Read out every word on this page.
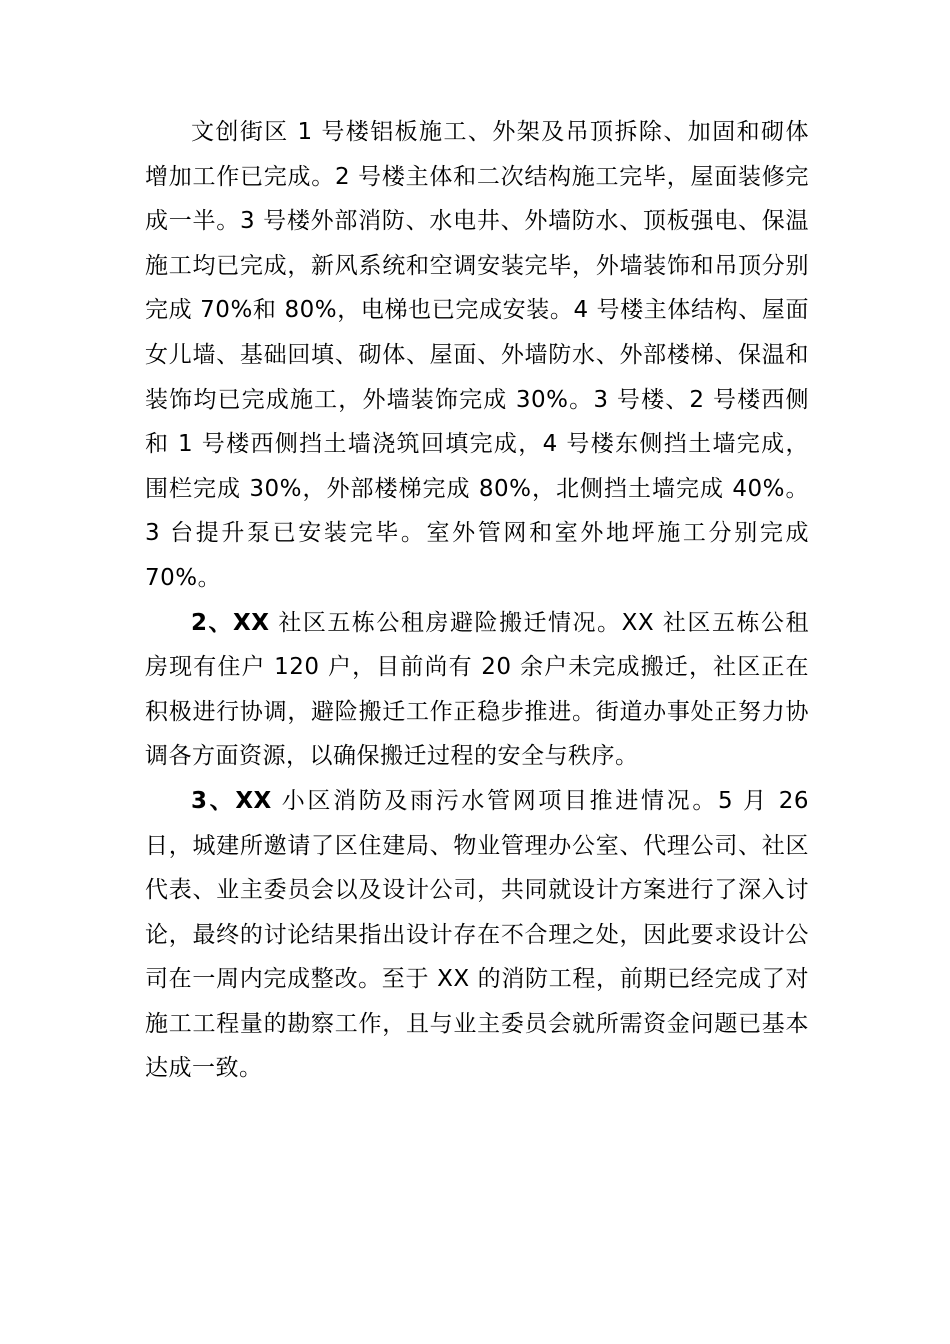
文创街区 1 号楼铝板施工、外架及吊顶拆除、加固和砌体增加工作已完成。2 号楼主体和二次结构施工完毕，屋面装修完成一半。3 号楼外部消防、水电井、外墙防水、顶板强电、保温施工均已完成，新风系统和空调安装完毕，外墙装饰和吊顶分别完成 70%和 80%，电梯也已完成安装。4 号楼主体结构、屋面女儿墙、基础回填、砌体、屋面、外墙防水、外部楼梯、保温和装饰均已完成施工，外墙装饰完成 30%。3 号楼、2 号楼西侧和 1 号楼西侧挡土墙浇筑回填完成，4 号楼东侧挡土墙完成，围栏完成 30%，外部楼梯完成 80%，北侧挡土墙完成 40%。3 台提升泵已安装完毕。室外管网和室外地坪施工分别完成 70%。

2、XX 社区五栋公租房避险搬迁情况。XX 社区五栋公租房现有住户 120 户，目前尚有 20 余户未完成搬迁，社区正在积极进行协调，避险搬迁工作正稳步推进。街道办事处正努力协调各方面资源，以确保搬迁过程的安全与秩序。

3、XX 小区消防及雨污水管网项目推进情况。5 月 26 日，城建所邀请了区住建局、物业管理办公室、代理公司、社区代表、业主委员会以及设计公司，共同就设计方案进行了深入讨论，最终的讨论结果指出设计存在不合理之处，因此要求设计公司在一周内完成整改。至于 XX 的消防工程，前期已经完成了对施工工程量的勘察工作，且与业主委员会就所需资金问题已基本达成一致。
